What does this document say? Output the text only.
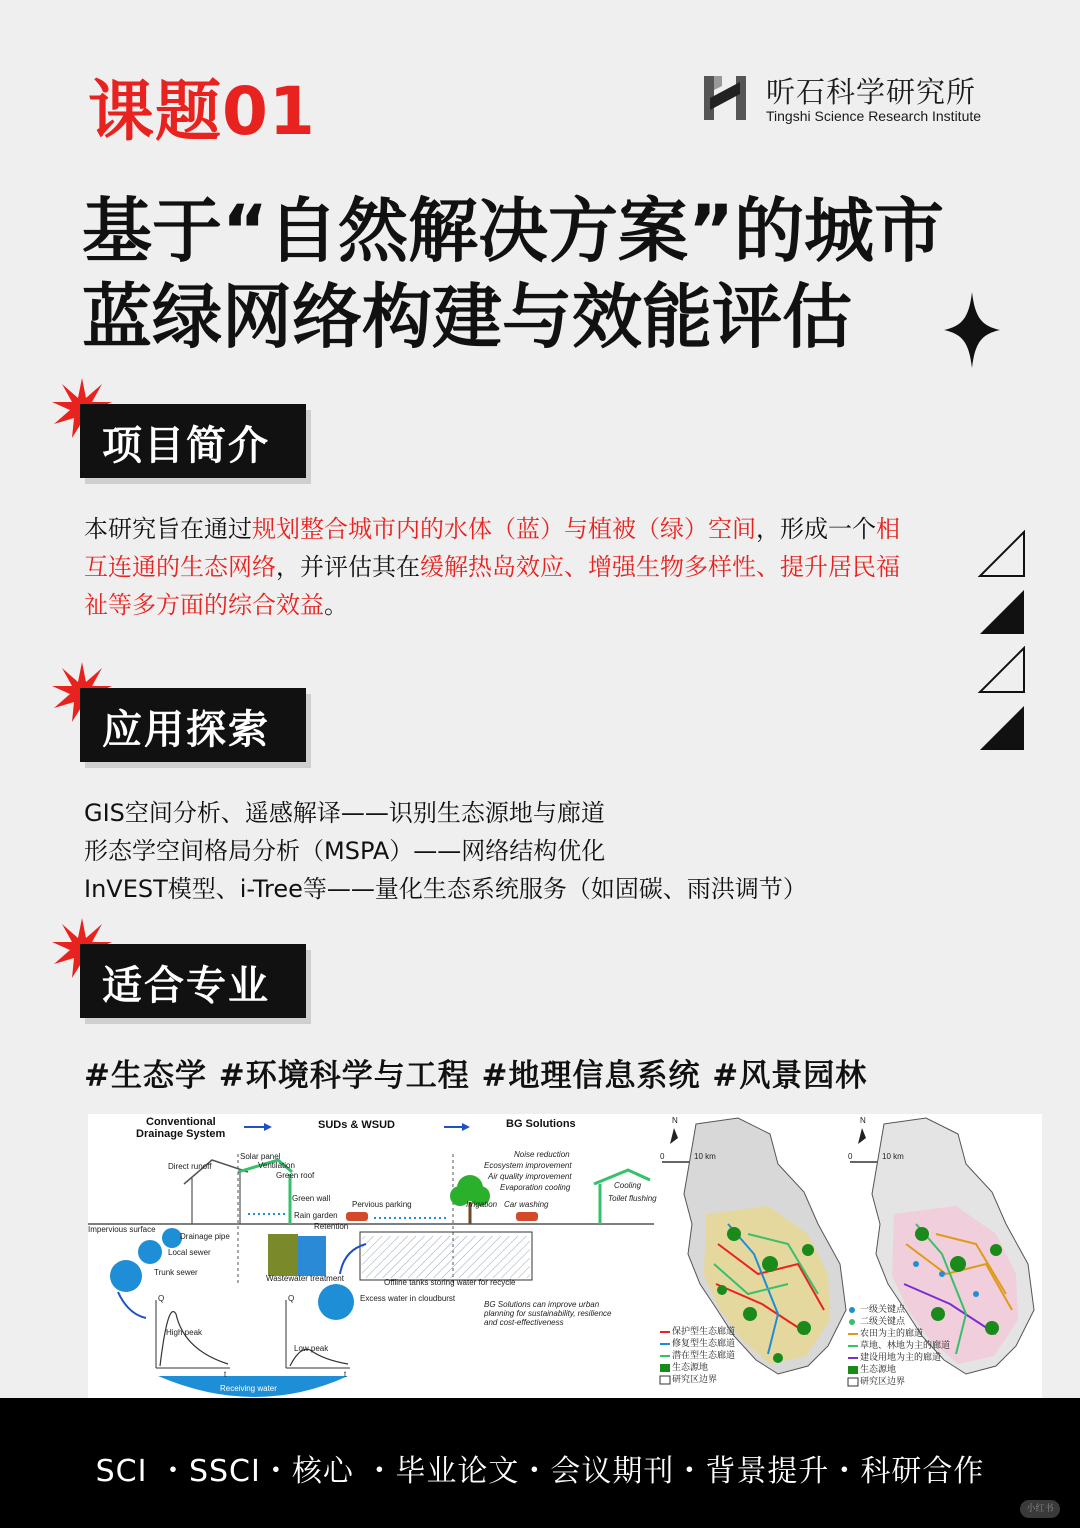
课题01	听石科学研究所
Tingshi Science Research Institute
基于“自然解决方案”的城市
蓝绿网络构建与效能评估
项目简介
本研究旨在通过规划整合城市内的水体（蓝）与植被（绿）空间，形成一个相互连通的生态网络，并评估其在缓解热岛效应、增强生物多样性、提升居民福祉等多方面的综合效益。
应用探索
GIS空间分析、遥感解译——识别生态源地与廊道
形态学空间格局分析（MSPA）——网络结构优化
InVEST模型、i-Tree等——量化生态系统服务（如固碳、雨洪调节）
适合专业
#生态学 #环境科学与工程 #地理信息系统 #风景园林
Conventional
Drainage System
SUDs & WSUD	BG Solutions
Direct runoff
Solar panel
Ventilation
Green roof
Green wall
Pervious parking
Rain garden
Retention
Impervious surface
Drainage pipe
Local sewer
Trunk sewer
Wastewater treatment	Offline tanks storing water for recycle
Excess water in cloudburst
Noise reduction
Ecosystem improvement
Air quality improvement
Evaporation cooling
Irrigation Car washing
Cooling
Toilet flushing
BG Solutions can improve urban
planning for sustainability, resilience
and cost-effectiveness
High peak
Low peak
Receiving water
Q	Q
t	t
N
0	10 km
保护型生态廊道
修复型生态廊道
潜在型生态廊道
生态源地
研究区边界
N
0	10 km
一级关键点
二级关键点
农田为主的廊道
草地、林地为主的廊道
建设用地为主的廊道
生态源地
研究区边界
SCI ・SSCI・核心 ・毕业论文・会议期刊・背景提升・科研合作
小红书
